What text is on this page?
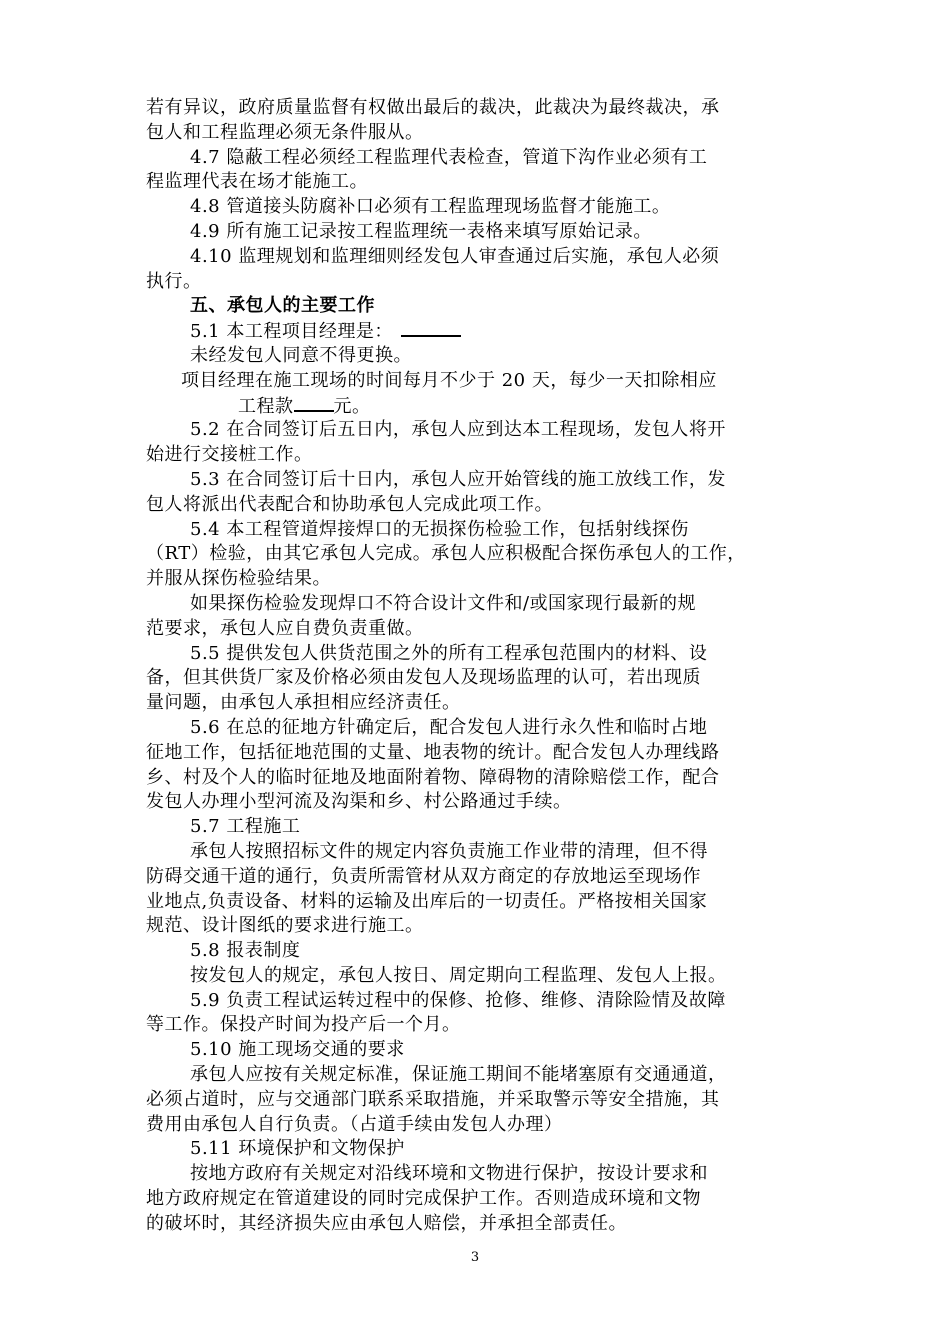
若有异议，政府质量监督有权做出最后的裁决，此裁决为最终裁决，承
包人和工程监理必须无条件服从。
4.7 隐蔽工程必须经工程监理代表检查，管道下沟作业必须有工
程监理代表在场才能施工。
4.8 管道接头防腐补口必须有工程监理现场监督才能施工。
4.9 所有施工记录按工程监理统一表格来填写原始记录。
4.10 监理规划和监理细则经发包人审查通过后实施，承包人必须
执行。
五、承包人的主要工作
5.1 本工程项目经理是：
未经发包人同意不得更换。
项目经理在施工现场的时间每月不少于 20 天，每少一天扣除相应
工程款 元。
5.2 在合同签订后五日内，承包人应到达本工程现场，发包人将开
始进行交接桩工作。
5.3 在合同签订后十日内，承包人应开始管线的施工放线工作，发
包人将派出代表配合和协助承包人完成此项工作。
5.4 本工程管道焊接焊口的无损探伤检验工作，包括射线探伤
（RT）检验，由其它承包人完成。承包人应积极配合探伤承包人的工作，
并服从探伤检验结果。
如果探伤检验发现焊口不符合设计文件和/或国家现行最新的规
范要求，承包人应自费负责重做。
5.5 提供发包人供货范围之外的所有工程承包范围内的材料、设
备，但其供货厂家及价格必须由发包人及现场监理的认可，若出现质
量问题，由承包人承担相应经济责任。
5.6 在总的征地方针确定后，配合发包人进行永久性和临时占地
征地工作，包括征地范围的丈量、地表物的统计。配合发包人办理线路
乡、村及个人的临时征地及地面附着物、障碍物的清除赔偿工作，配合
发包人办理小型河流及沟渠和乡、村公路通过手续。
5.7 工程施工
承包人按照招标文件的规定内容负责施工作业带的清理，但不得
防碍交通干道的通行，负责所需管材从双方商定的存放地运至现场作
业地点,负责设备、材料的运输及出库后的一切责任。严格按相关国家
规范、设计图纸的要求进行施工。
5.8 报表制度
按发包人的规定，承包人按日、周定期向工程监理、发包人上报。
5.9 负责工程试运转过程中的保修、抢修、维修、清除险情及故障
等工作。保投产时间为投产后一个月。
5.10 施工现场交通的要求
承包人应按有关规定标准，保证施工期间不能堵塞原有交通通道，
必须占道时，应与交通部门联系采取措施，并采取警示等安全措施，其
费用由承包人自行负责。（占道手续由发包人办理）
5.11 环境保护和文物保护
按地方政府有关规定对沿线环境和文物进行保护，按设计要求和
地方政府规定在管道建设的同时完成保护工作。否则造成环境和文物
的破坏时，其经济损失应由承包人赔偿，并承担全部责任。
3
